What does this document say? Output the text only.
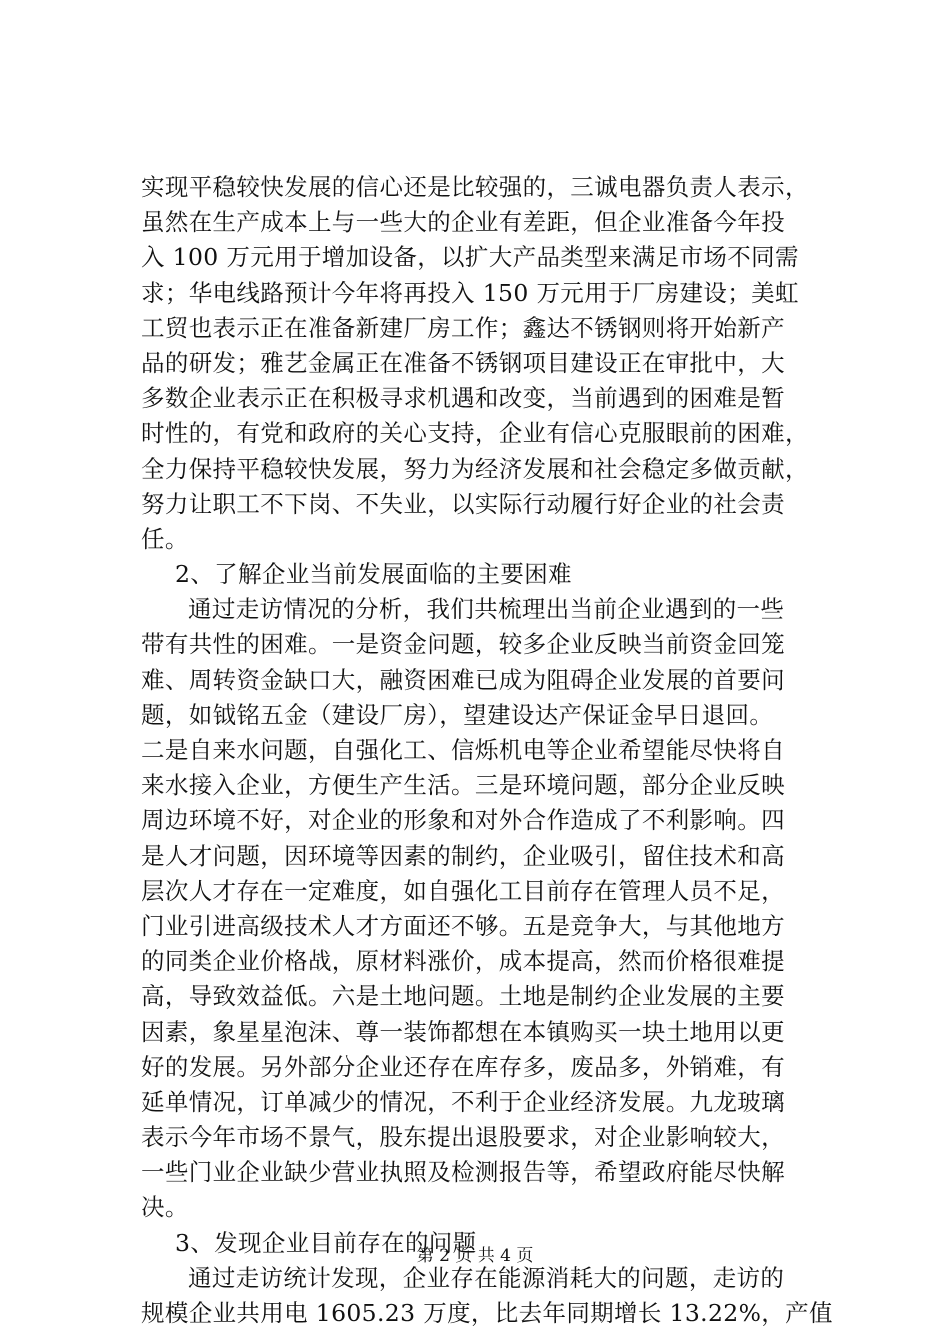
实现平稳较快发展的信心还是比较强的，三诚电器负责人表示，
虽然在生产成本上与一些大的企业有差距，但企业准备今年投
入 100 万元用于增加设备，以扩大产品类型来满足市场不同需
求；华电线路预计今年将再投入 150 万元用于厂房建设；美虹
工贸也表示正在准备新建厂房工作；鑫达不锈钢则将开始新产
品的研发；雅艺金属正在准备不锈钢项目建设正在审批中，大
多数企业表示正在积极寻求机遇和改变，当前遇到的困难是暂
时性的，有党和政府的关心支持，企业有信心克服眼前的困难，
全力保持平稳较快发展，努力为经济发展和社会稳定多做贡献，
努力让职工不下岗、不失业，以实际行动履行好企业的社会责
任。
2、了解企业当前发展面临的主要困难
通过走访情况的分析，我们共梳理出当前企业遇到的一些
带有共性的困难。一是资金问题，较多企业反映当前资金回笼
难、周转资金缺口大，融资困难已成为阻碍企业发展的首要问
题，如钺铭五金（建设厂房），望建设达产保证金早日退回。
二是自来水问题，自强化工、信烁机电等企业希望能尽快将自
来水接入企业，方便生产生活。三是环境问题，部分企业反映
周边环境不好，对企业的形象和对外合作造成了不利影响。四
是人才问题，因环境等因素的制约，企业吸引，留住技术和高
层次人才存在一定难度，如自强化工目前存在管理人员不足，
门业引进高级技术人才方面还不够。五是竞争大，与其他地方
的同类企业价格战，原材料涨价，成本提高，然而价格很难提
高，导致效益低。六是土地问题。土地是制约企业发展的主要
因素，象星星泡沫、尊一装饰都想在本镇购买一块土地用以更
好的发展。另外部分企业还存在库存多，废品多，外销难，有
延单情况，订单减少的情况，不利于企业经济发展。九龙玻璃
表示今年市场不景气，股东提出退股要求，对企业影响较大，
一些门业企业缺少营业执照及检测报告等，希望政府能尽快解
决。
3、发现企业目前存在的问题
通过走访统计发现，企业存在能源消耗大的问题，走访的
规模企业共用电 1605.23 万度，比去年同期增长 13.22%，产值
第 2 页 共 4 页
